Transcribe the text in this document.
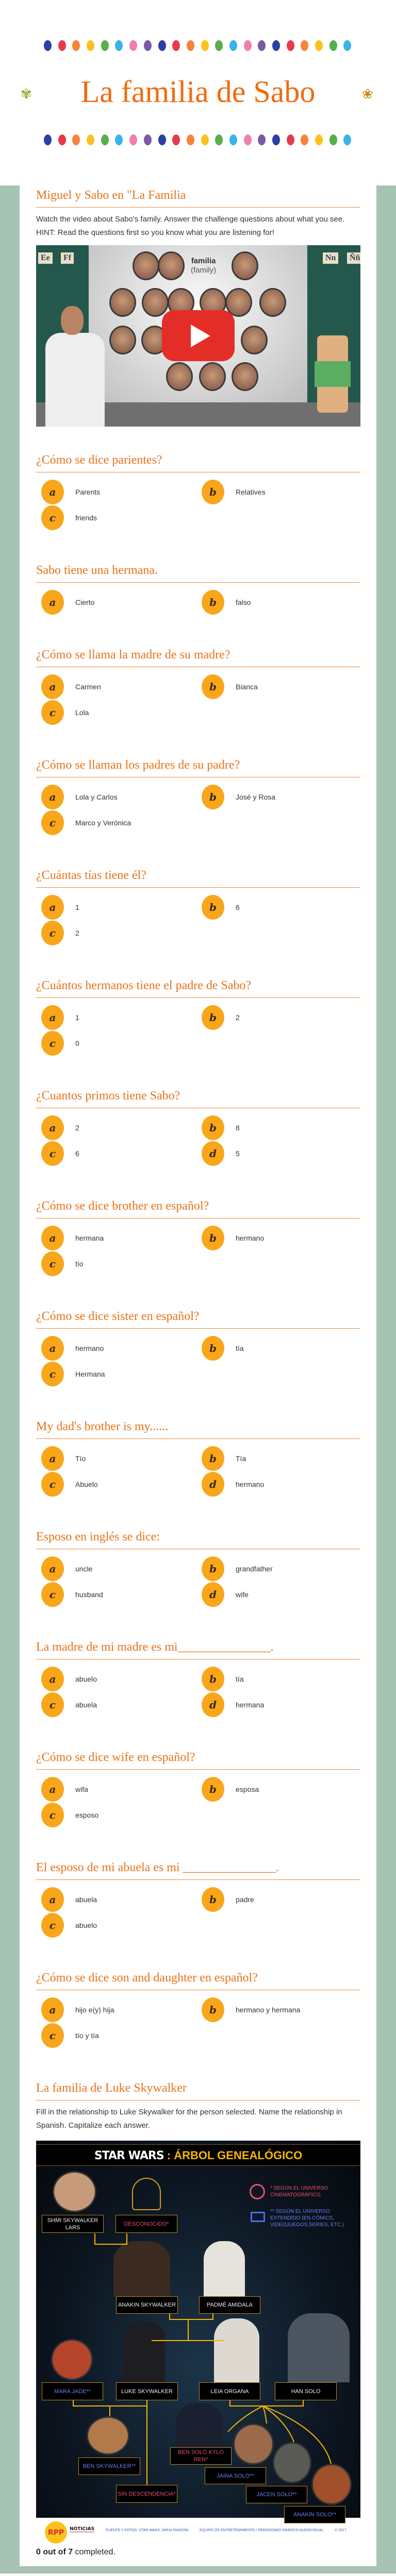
✾	La familia de Sabo	❀
Miguel y Sabo en "La Familia

Watch the video about Sabo's family. Answer the challenge questions about what you see. HINT: Read the questions first so you know what you are listening for!

Ee	Ff	Nn	Ññ
familia
(family)
¿Cómo se dice parientes?
a	Parents	b	Relatives
c	friends
Sabo tiene una hermana.
a	Cierto	b	falso
¿Cómo se llama la madre de su madre?
a	Carmen	b	Bianca
c	Lola
¿Cómo se llaman los padres de su padre?
a	Lola y Carlos	b	José y Rosa
c	Marco y Verónica
¿Cuántas tías tiene él?
a	1	b	6
c	2
¿Cuántos hermanos tiene el padre de Sabo?
a	1	b	2
c	0
¿Cuantos primos tiene Sabo?
a	2	b	8
c	6	d	5
¿Cómo se dice brother en español?
a	hermana	b	hermano
c	tío
¿Cómo se dice sister en español?
a	hermano	b	tía
c	Hermana
My dad's brother is my......
a	Tío	b	Tía
c	Abuelo	d	hermano
Esposo en inglés se dice:
a	uncle	b	grandfather
c	husband	d	wife
La madre de mi madre es mi_______________.
a	abuelo	b	tía
c	abuela	d	hermana
¿Cómo se dice wife en español?
a	wifa	b	esposa
c	esposo
El esposo de mi abuela es mi _______________.
a	abuela	b	padre
c	abuelo
¿Cómo se dice son and daughter en español?
a	hijo e(y) hija	b	hermano y hermana
c	tío y tía
La familia de Luke Skywalker

Fill in the relationship to Luke Skywalker for the person selected. Name the relationship in Spanish. Capitalize each answer.

STAR WARS : ÁRBOL GENEALÓGICO
* SEGÚN EL UNIVERSO
CINEMATOGRÁFICO.
** SEGÚN EL UNIVERSO
EXTENDIDO (EN CÓMICS,
VIDEOJUEGOS,SERIES, ETC.)
SHMI SKYWALKER LARS
DESCONOCIDO*
ANAKIN SKYWALKER	PADMÉ AMIDALA
MARA JADE**	LUKE SKYWALKER	LEIA ORGANA	HAN SOLO
BEN SKYWALKER**
SIN DESCENDENCIA*
BEN SOLO KYLO REN*
JAINA SOLO**
JACEN SOLO**
ANAKIN SOLO**
RPP	NOTICIAS	FUENTE Y FOTOS: STAR WARS, WIKIA FANDOM	EQUIPO DE ENTRETENIMIENTO / PERIODISMO GRÁFICO AUDIOVISUAL	© 2017
0 out of 7 completed.
